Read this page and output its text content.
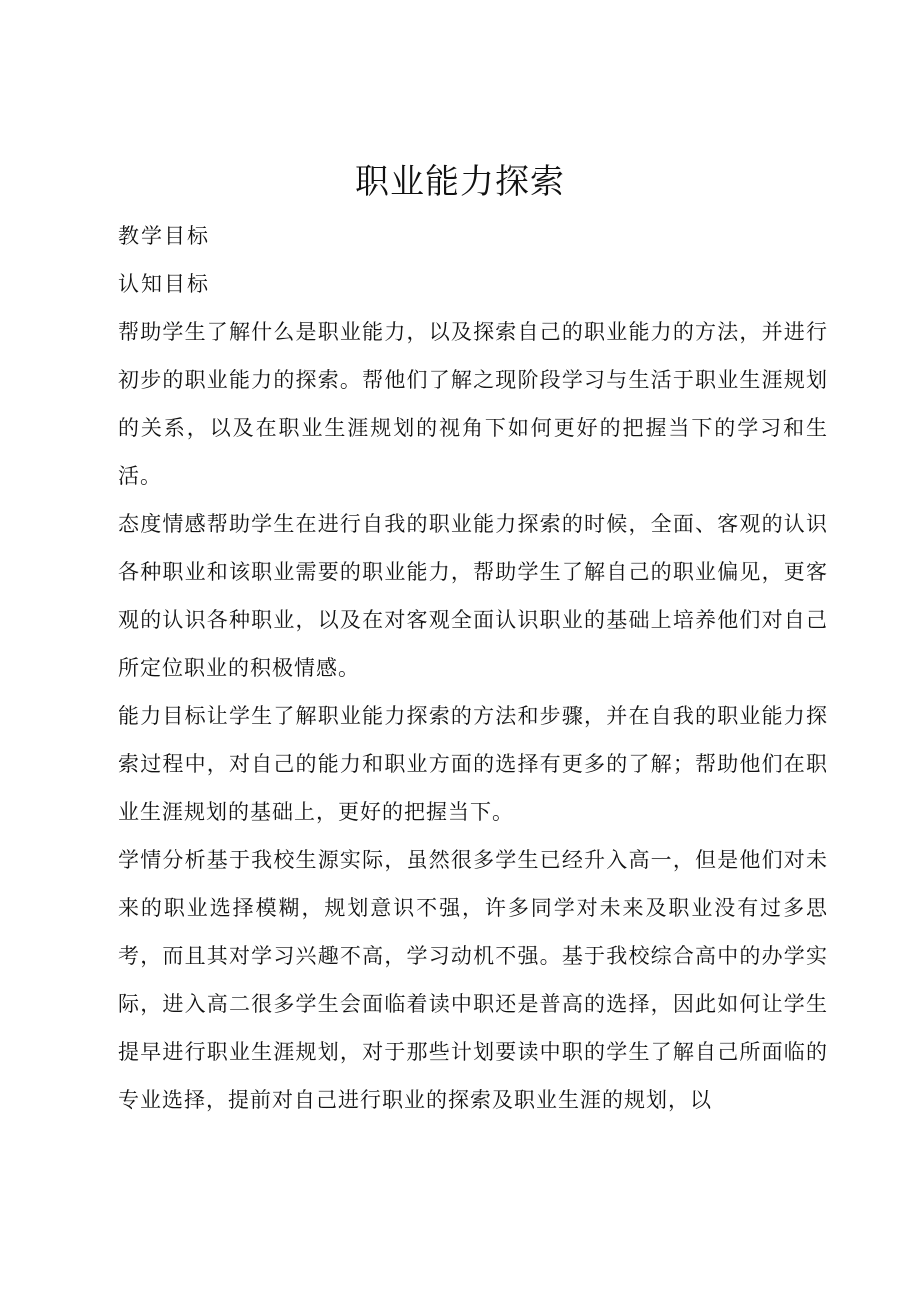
职业能力探索

教学目标

认知目标

帮助学生了解什么是职业能力，以及探索自己的职业能力的方法，并进行初步的职业能力的探索。帮他们了解之现阶段学习与生活于职业生涯规划的关系，以及在职业生涯规划的视角下如何更好的把握当下的学习和生活。

态度情感帮助学生在进行自我的职业能力探索的时候，全面、客观的认识各种职业和该职业需要的职业能力，帮助学生了解自己的职业偏见，更客观的认识各种职业，以及在对客观全面认识职业的基础上培养他们对自己所定位职业的积极情感。

能力目标让学生了解职业能力探索的方法和步骤，并在自我的职业能力探索过程中，对自己的能力和职业方面的选择有更多的了解；帮助他们在职业生涯规划的基础上，更好的把握当下。

学情分析基于我校生源实际，虽然很多学生已经升入高一，但是他们对未来的职业选择模糊，规划意识不强，许多同学对未来及职业没有过多思考，而且其对学习兴趣不高，学习动机不强。基于我校综合高中的办学实际，进入高二很多学生会面临着读中职还是普高的选择，因此如何让学生提早进行职业生涯规划，对于那些计划要读中职的学生了解自己所面临的专业选择，提前对自己进行职业的探索及职业生涯的规划，以
